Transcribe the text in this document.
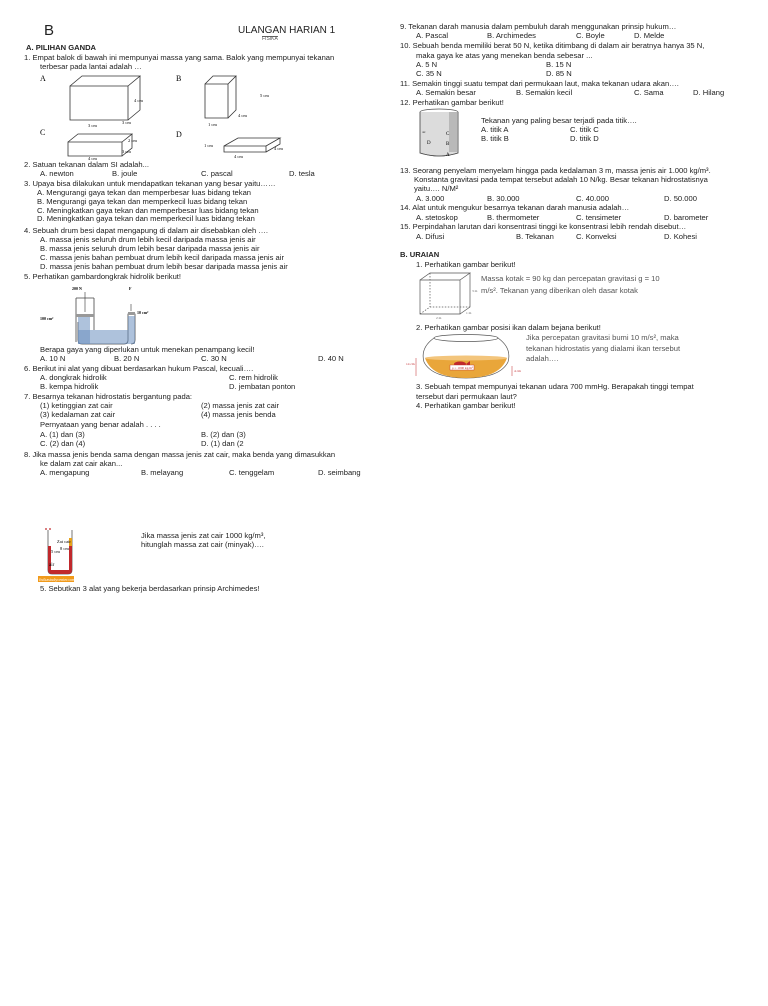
B	ULANGAN HARIAN 1
FISIKA
A. PILIHAN GANDA
1. Empat balok di bawah ini mempunyai massa yang sama. Balok yang mempunyai tekanan
terbesar pada lantai adalah …
A	B
C	D
4 cm
3 cm
3 cm
5 cm
1 cm
4 cm
2 cm
4 cm
3 cm
1 cm
4 cm
4 cm
2. Satuan tekanan dalam SI adalah...
A. newton	B. joule	C. pascal	D. tesla
3. Upaya bisa dilakukan untuk mendapatkan tekanan yang besar yaitu……
A. Mengurangi gaya tekan dan memperbesar luas bidang tekan
B. Mengurangi gaya tekan dan memperkecil luas bidang tekan
C. Meningkatkan gaya tekan dan memperbesar luas bidang tekan
D. Meningkatkan gaya tekan dan memperkecil luas bidang tekan
4. Sebuah drum besi dapat mengapung di dalam air disebabkan oleh ….
A. massa jenis seluruh drum lebih kecil daripada massa jenis air
B. massa jenis seluruh drum lebih besar daripada massa jenis air
C. massa jenis bahan pembuat drum lebih kecil daripada massa jenis air
D. massa jenis bahan pembuat drum lebih besar daripada massa jenis air
5. Perhatikan gambardongkrak hidrolik berikut!
200 N	F
100 cm²
10 cm²
Berapa gaya yang diperlukan untuk menekan penampang kecil!
A. 10 N	B. 20 N	C. 30 N	D. 40 N
6. Berikut ini alat yang dibuat berdasarkan hukum Pascal, kecuali….
A. dongkrak hidrolik	C. rem hidrolik
B. kempa hidrolik	D. jembatan ponton
7. Besarnya tekanan hidrostatis bergantung pada:
(1) ketinggian zat cair	(2) massa jenis zat cair
(3) kedalaman zat cair	(4) massa jenis benda
Pernyataan yang benar adalah . . . .
A. (1) dan (3)	B. (2) dan (3)
C. (2) dan (4)	D. (1) dan (2
8. Jika massa jenis benda sama dengan massa jenis zat cair, maka benda yang dimasukkan
ke dalam zat cair akan...
A. mengapung	B. melayang	C. tenggelam	D. seimbang
Zat cair
8 cm
5 cm
air
fisikastudycenter.com
Jika massa jenis zat cair 1000 kg/m³,
hitunglah massa zat cair (minyak)….
5. Sebutkan 3 alat yang bekerja berdasarkan prinsip Archimedes!
9. Tekanan darah manusia dalam pembuluh darah menggunakan prinsip hukum…
A. Pascal	B. Archimedes	C. Boyle	D. Melde
10. Sebuah benda memiliki berat 50 N, ketika ditimbang di dalam air beratnya hanya 35 N,
maka gaya ke atas yang menekan benda sebesar ...
A. 5 N	B. 15 N
C. 35 N	D. 85 N
11. Semakin tinggi suatu tempat dari permukaan laut, maka tekanan udara akan….
A. Semakin besar	B. Semakin kecil	C. Sama	D. Hilang
12. Perhatikan gambar berikut!
air	C
D	B
A
Tekanan yang paling besar terjadi pada titik….
A. titik A	C. titik C
B. titik B	D. titik D
13. Seorang penyelam menyelam hingga pada kedalaman 3 m, massa jenis air 1.000 kg/m³.
Konstanta gravitasi pada tempat tersebut adalah 10 N/kg. Besar tekanan hidrostatisnya
yaitu…. N/M²
A. 3.000	B. 30.000	C. 40.000	D. 50.000
14. Alat untuk mengukur besarnya tekanan darah manusia adalah…
A. stetoskop	B. thermometer	C. tensimeter	D. barometer
15. Perpindahan larutan dari konsentrasi tinggi ke konsentrasi lebih rendah disebut…
A. Difusi	B. Tekanan	C. Konveksi	D. Kohesi
B. URAIAN
1. Perhatikan gambar berikut!
2 m
1 m
3 m
Massa kotak = 90 kg dan percepatan gravitasi g = 10
m/s². Tekanan yang diberikan oleh dasar kotak
2. Perhatikan gambar posisi ikan dalam bejana berikut!
ρ = 1000 kg/m³
14 cm
4 cm
Jika percepatan gravitasi bumi 10 m/s², maka
tekanan hidrostatis yang dialami ikan tersebut
adalah….
3. Sebuah tempat mempunyai tekanan udara 700 mmHg. Berapakah tinggi tempat
tersebut dari permukaan laut?
4. Perhatikan gambar berikut!
